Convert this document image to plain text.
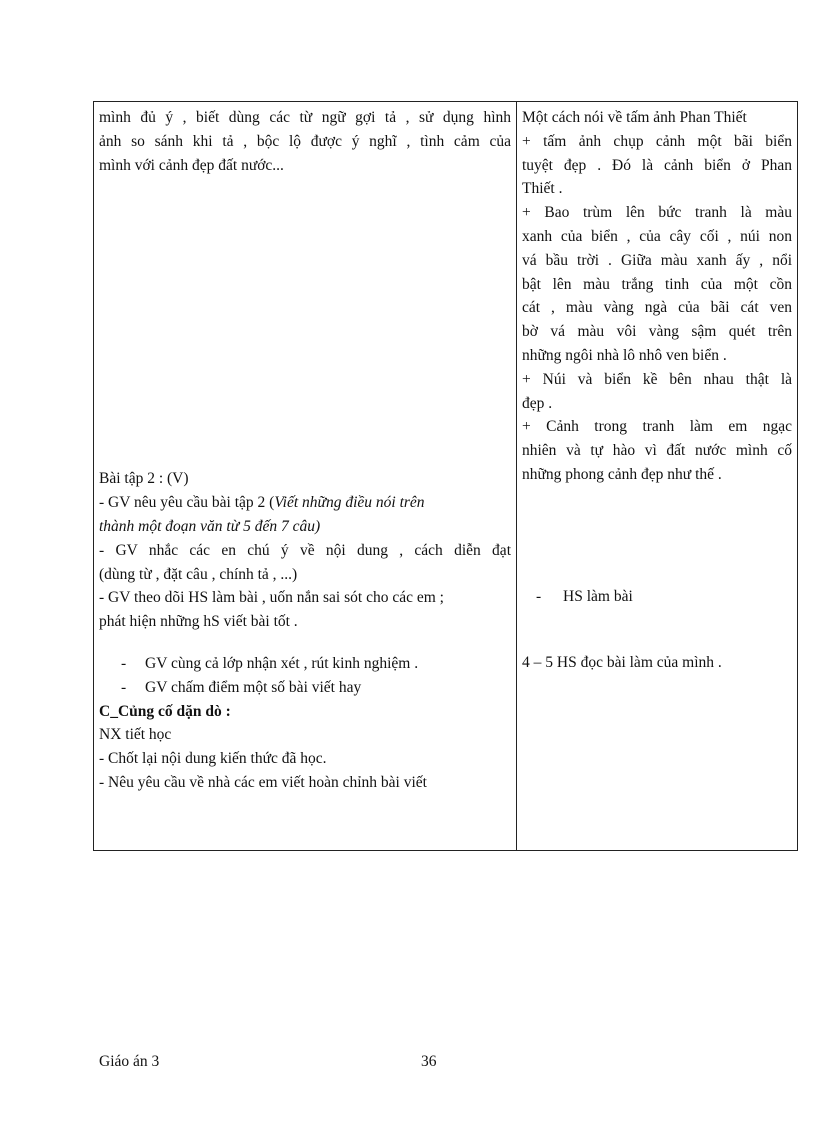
mình đủ ý , biết dùng các từ ngữ gợi tả , sử dụng hình
ảnh so sánh khi tả , bộc lộ được ý nghĩ , tình cảm của
mình với cảnh đẹp đất nước...
Bài tập 2 : (V)
- GV nêu yêu cầu bài tập 2 (Viết những điều nói trên
thành một đoạn văn từ 5 đến 7 câu)
- GV nhắc các en chú ý về nội dung , cách diễn đạt
(dùng từ , đặt câu , chính tả , ...)
- GV theo dõi HS làm bài , uốn nắn sai sót cho các em ;
phát hiện những hS viết bài tốt .
- GV cùng cả lớp nhận xét , rút kinh nghiệm .
- GV chấm điểm một số bài viết hay
C_Củng cố dặn dò :
NX tiết học
- Chốt lại nội dung kiến thức đã học.
- Nêu yêu cầu về nhà các em viết hoàn chỉnh bài viết
Một cách nói về tấm ảnh Phan Thiết
+ tấm ảnh chụp cảnh một bãi biển
tuyệt đẹp . Đó là cảnh biển ở Phan
Thiết .
+ Bao trùm lên bức tranh là màu
xanh của biển , của cây cối , núi non
vá bầu trời . Giữa màu xanh ấy , nổi
bật lên màu trắng tinh của một cồn
cát , màu vàng ngà của bãi cát ven
bờ vá màu vôi vàng sậm quét trên
những ngôi nhà lô nhô ven biển .
+ Núi và biển kề bên nhau thật là
đẹp .
+ Cảnh trong tranh làm em ngạc
nhiên và tự hào vì đất nước mình cố
những phong cảnh đẹp như thế .
- HS làm bài
4 – 5 HS đọc bài làm của mình .
Giáo án 3	36
